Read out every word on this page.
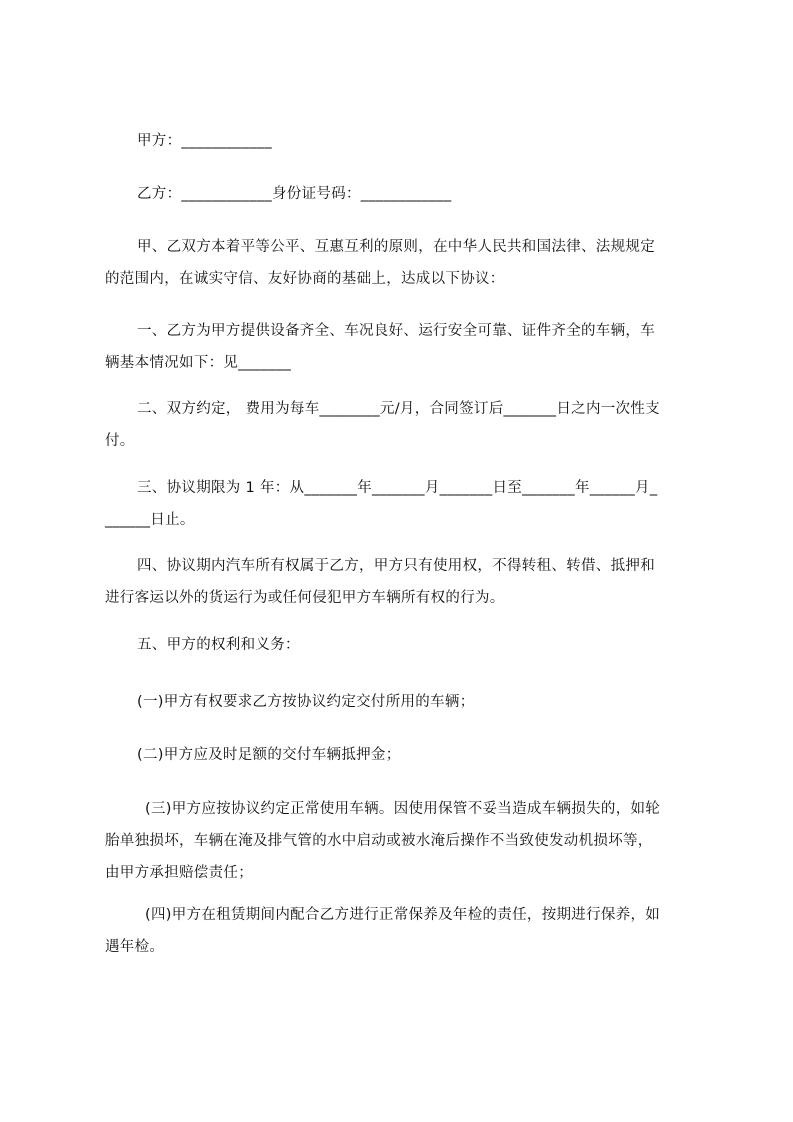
甲方：____________
乙方：____________身份证号码：____________
甲、乙双方本着平等公平、互惠互利的原则，在中华人民共和国法律、法规规定
的范围内，在诚实守信、友好协商的基础上，达成以下协议：
一、乙方为甲方提供设备齐全、车况良好、运行安全可靠、证件齐全的车辆，车
辆基本情况如下：见_______
二、双方约定， 费用为每车________元/月，合同签订后_______日之内一次性支
付。
三、协议期限为 1 年：从_______年_______月_______日至_______年______月_
______日止。
四、协议期内汽车所有权属于乙方，甲方只有使用权，不得转租、转借、抵押和
进行客运以外的货运行为或任何侵犯甲方车辆所有权的行为。
五、甲方的权利和义务：
(一)甲方有权要求乙方按协议约定交付所用的车辆；
(二)甲方应及时足额的交付车辆抵押金；
(三)甲方应按协议约定正常使用车辆。因使用保管不妥当造成车辆损失的，如轮
胎单独损坏，车辆在淹及排气管的水中启动或被水淹后操作不当致使发动机损坏等，
由甲方承担赔偿责任；
(四)甲方在租赁期间内配合乙方进行正常保养及年检的责任，按期进行保养，如
遇年检。
